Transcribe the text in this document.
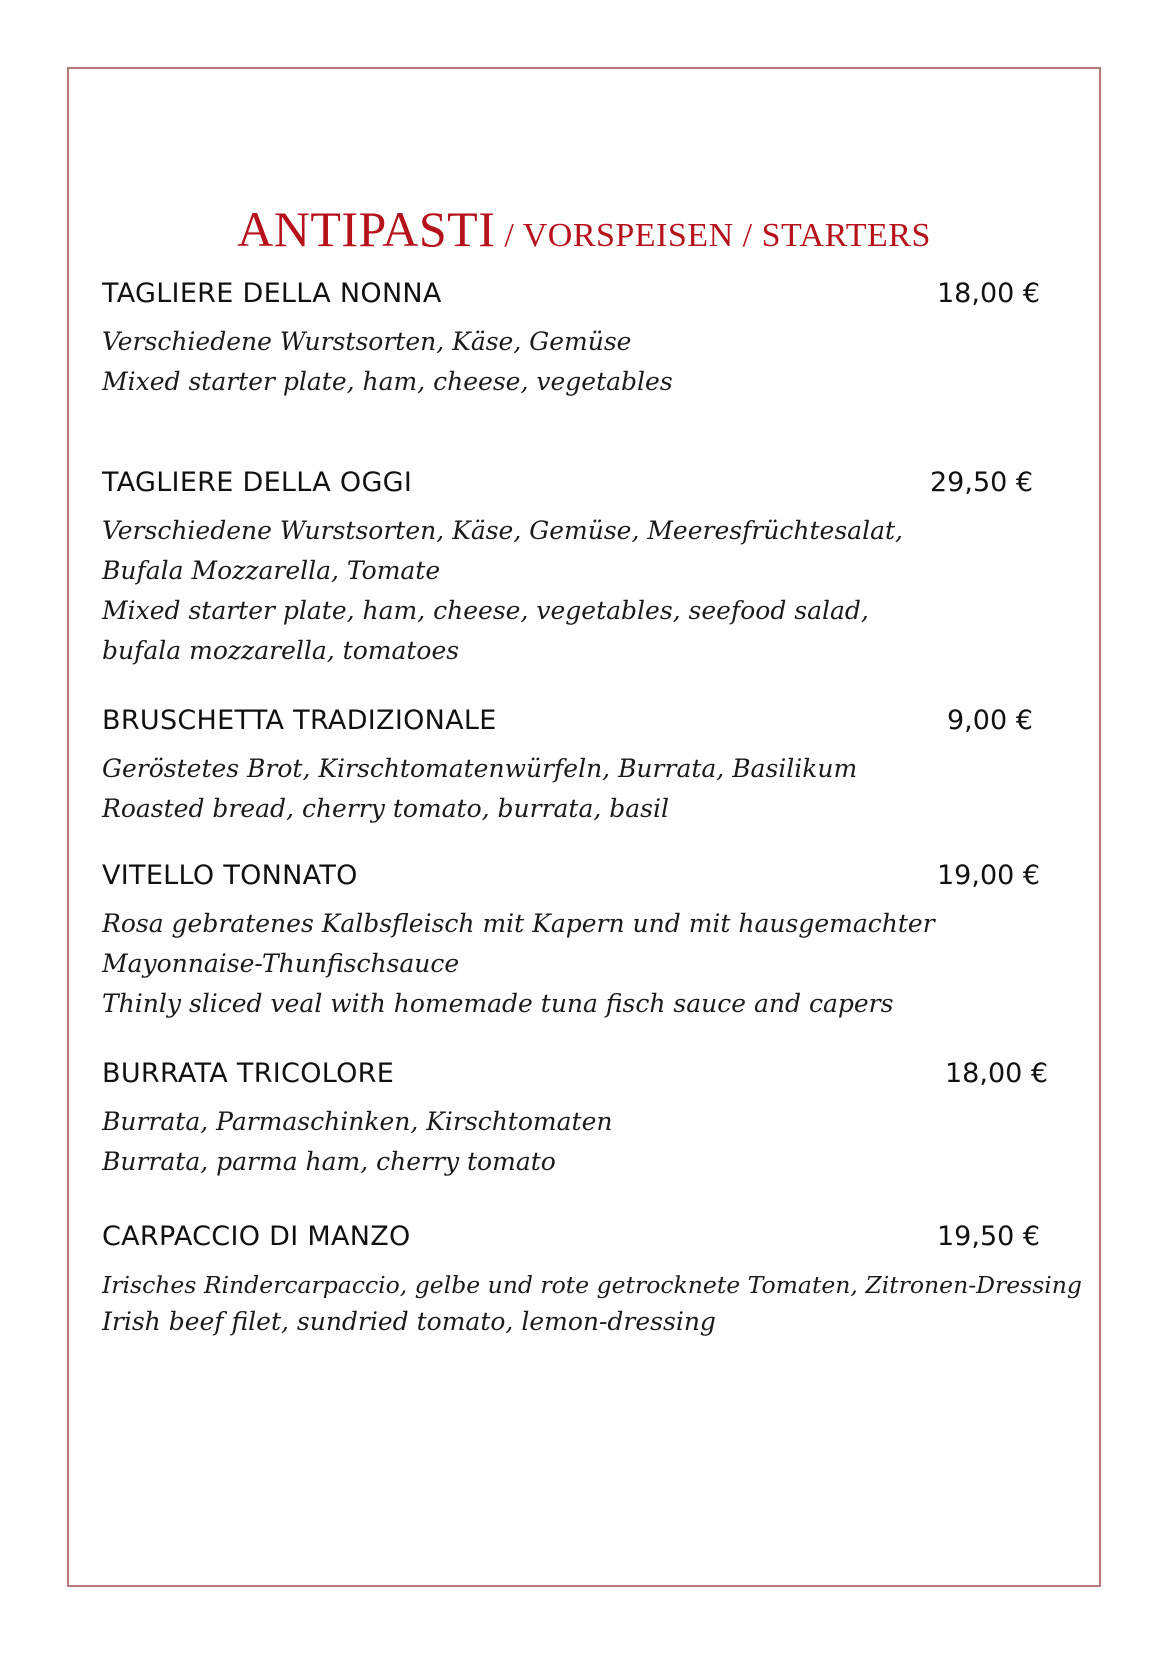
ANTIPASTI / VORSPEISEN / STARTERS
TAGLIERE DELLA NONNA	18,00 €

Verschiedene Wurstsorten, Käse, Gemüse

Mixed starter plate, ham, cheese, vegetables

TAGLIERE DELLA OGGI	29,50 €

Verschiedene Wurstsorten, Käse, Gemüse, Meeresfrüchtesalat,

Bufala Mozzarella, Tomate

Mixed starter plate, ham, cheese, vegetables, seefood salad,

bufala mozzarella, tomatoes

BRUSCHETTA TRADIZIONALE	9,00 €

Geröstetes Brot, Kirschtomatenwürfeln, Burrata, Basilikum

Roasted bread, cherry tomato, burrata, basil

VITELLO TONNATO	19,00 €

Rosa gebratenes Kalbsfleisch mit Kapern und mit hausgemachter

Mayonnaise-Thunfischsauce

Thinly sliced veal with homemade tuna fisch sauce and capers

BURRATA TRICOLORE	18,00 €

Burrata, Parmaschinken, Kirschtomaten

Burrata, parma ham, cherry tomato

CARPACCIO DI MANZO	19,50 €

Irisches Rindercarpaccio, gelbe und rote getrocknete Tomaten, Zitronen-Dressing

Irish beef filet, sundried tomato, lemon-dressing
